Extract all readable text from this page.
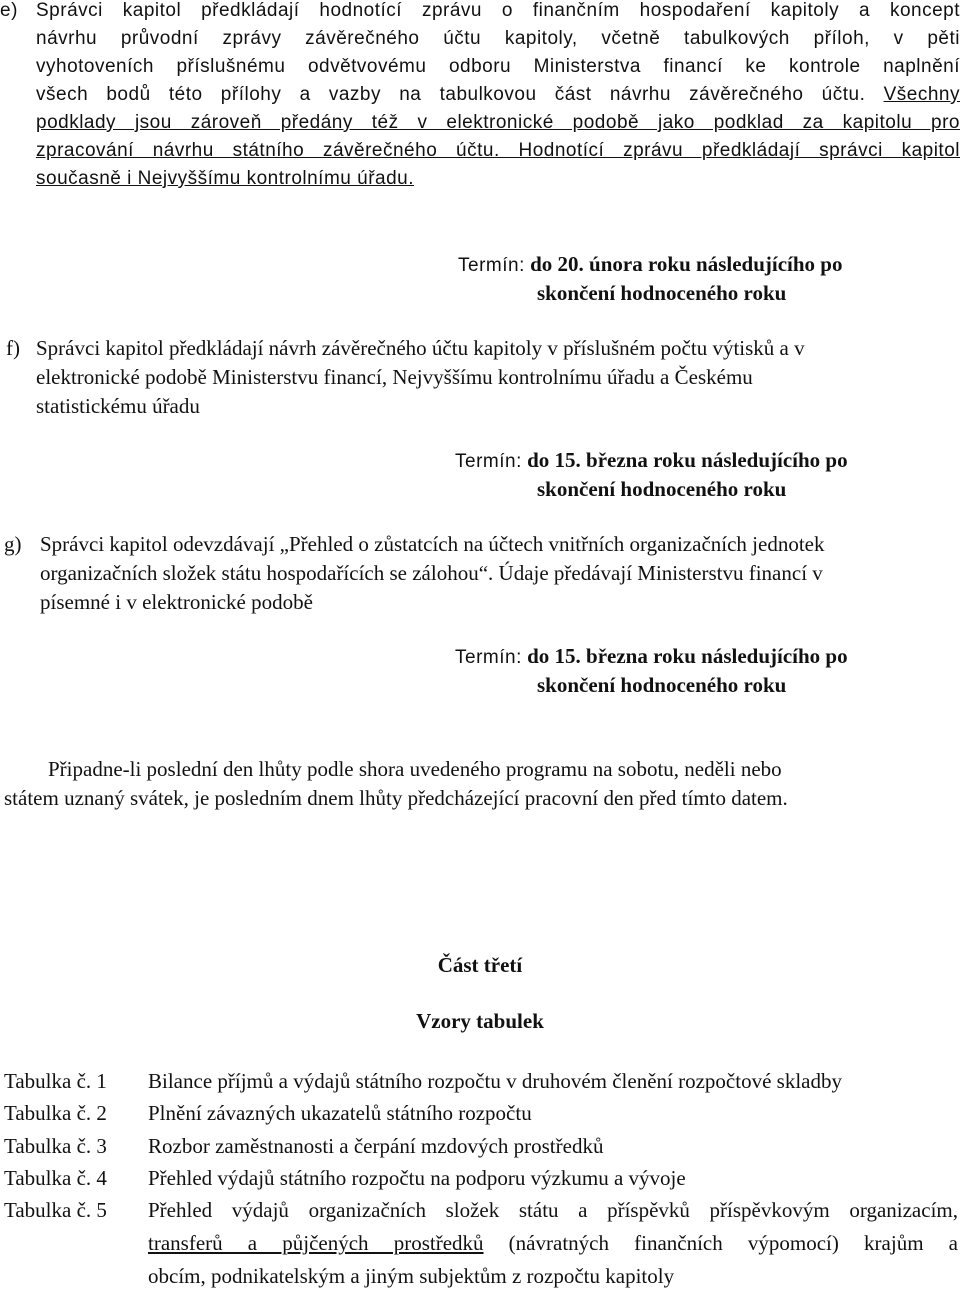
e) Správci kapitol předkládají hodnotící zprávu o finančním hospodaření kapitoly a koncept
návrhu průvodní zprávy závěrečného účtu kapitoly, včetně tabulkových příloh, v pěti
vyhotoveních příslušnému odvětvovému odboru Ministerstva financí ke kontrole naplnění
všech bodů této přílohy a vazby na tabulkovou část návrhu závěrečného účtu. Všechny
podklady jsou zároveň předány též v elektronické podobě jako podklad za kapitolu pro
zpracování návrhu státního závěrečného účtu. Hodnotící zprávu předkládají správci kapitol
současně i Nejvyššímu kontrolnímu úřadu.
Termín: do 20. února roku následujícího po
skončení hodnoceného roku
f) Správci kapitol předkládají návrh závěrečného účtu kapitoly v příslušném počtu výtisků a v
elektronické podobě Ministerstvu financí, Nejvyššímu kontrolnímu úřadu a Českému
statistickému úřadu
Termín: do 15. března roku následujícího po
skončení hodnoceného roku
g) Správci kapitol odevzdávají „Přehled o zůstatcích na účtech vnitřních organizačních jednotek
organizačních složek státu hospodařících se zálohou“. Údaje předávají Ministerstvu financí v
písemné i v elektronické podobě
Termín: do 15. března roku následujícího po
skončení hodnoceného roku
Připadne-li poslední den lhůty podle shora uvedeného programu na sobotu, neděli nebo
státem uznaný svátek, je posledním dnem lhůty předcházející pracovní den před tímto datem.
Část třetí
Vzory tabulek
Tabulka č. 1 Bilance příjmů a výdajů státního rozpočtu v druhovém členění rozpočtové skladby
Tabulka č. 2 Plnění závazných ukazatelů státního rozpočtu
Tabulka č. 3 Rozbor zaměstnanosti a čerpání mzdových prostředků
Tabulka č. 4 Přehled výdajů státního rozpočtu na podporu výzkumu a vývoje
Tabulka č. 5 Přehled výdajů organizačních složek státu a příspěvků příspěvkovým organizacím,
transferů a půjčených prostředků (návratných finančních výpomocí) krajům a
obcím, podnikatelským a jiným subjektům z rozpočtu kapitoly
